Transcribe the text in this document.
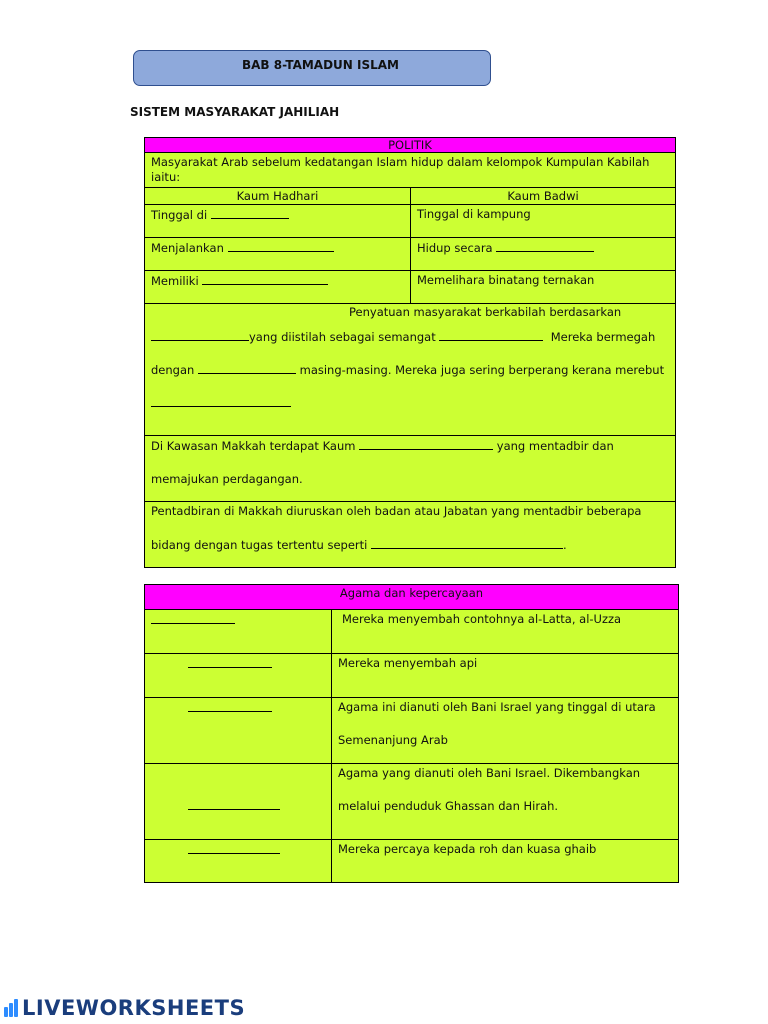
BAB 8-TAMADUN ISLAM
SISTEM MASYARAKAT JAHILIAH
POLITIK	
Masyarakat Arab sebelum kedatangan Islam hidup dalam kelompok Kumpulan Kabilah iaitu:	
Kaum Hadhari	Kaum Badwi
Tinggal di	Tinggal di kampung
Menjalankan	Hidup secara
Memiliki	Memelihara binatang ternakan

Penyatuan masyarakat berkabilah berdasarkan
yang diistilah sebagai semangat Mereka bermegah
dengan masing-masing. Mereka juga sering berperang kerana merebut	

Di Kawasan Makkah terdapat Kaum yang mentadbir dan
memajukan perdagangan.	

Pentadbiran di Makkah diuruskan oleh badan atau Jabatan yang mentadbir beberapa
bidang dengan tugas tertentu seperti .	
Agama dan kepercayaan	
	Mereka menyembah contohnya al-Latta, al-Uzza
	Mereka menyembah api

	Agama ini dianuti oleh Bani Israel yang tinggal di utara
Semenanjung Arab

	Agama yang dianuti oleh Bani Israel. Dikembangkan
melalui penduduk Ghassan dan Hirah.

	Mereka percaya kepada roh dan kuasa ghaib
LIVEWORKSHEETS
